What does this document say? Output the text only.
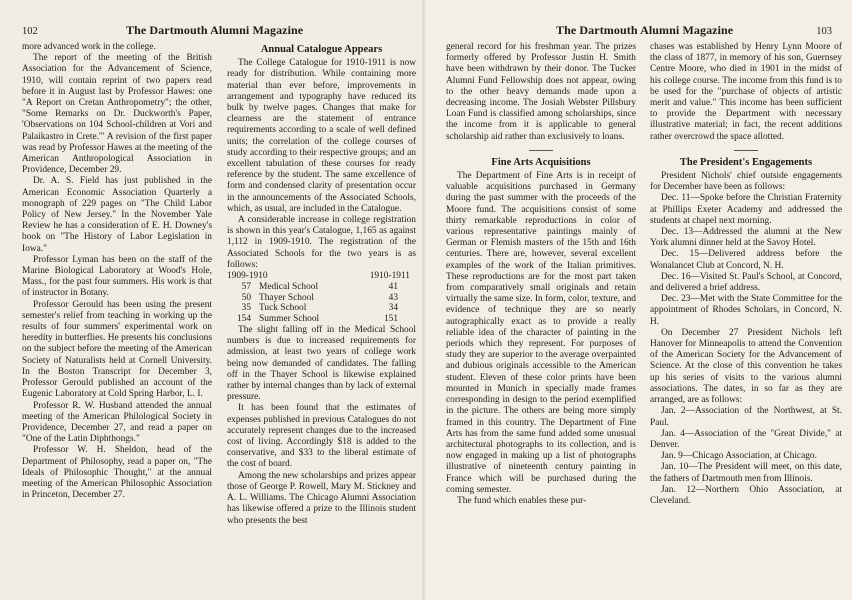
102	The Dartmouth Alumni Magazine

more advanced work in the college.

The report of the meeting of the British Association for the Advancement of Science, 1910, will contain reprint of two papers read before it in August last by Professor Hawes: one "A Report on Cretan Anthropometry"; the other, "Some Remarks on Dr. Duckworth's Paper, 'Observations on 104 School-children at Vori and Palaikastro in Crete.'" A revision of the first paper was read by Professor Hawes at the meeting of the American Anthropological Association in Providence, December 29.

Dr. A. S. Field has just published in the American Economic Association Quarterly a monograph of 229 pages on "The Child Labor Policy of New Jersey." In the November Yale Review he has a consideration of E. H. Downey's book on "The History of Labor Legislation in Iowa."

Professor Lyman has been on the staff of the Marine Biological Laboratory at Wood's Hole, Mass., for the past four summers. His work is that of instructor in Botany.

Professor Gerould has been using the present semester's relief from teaching in working up the results of four summers' experimental work on heredity in butterflies. He presents his conclusions on the subject before the meeting of the American Society of Naturalists held at Cornell University. In the Boston Transcript for December 3, Professor Gerould published an account of the Eugenic Laboratory at Cold Spring Harbor, L. I.

Professor R. W. Husband attended the annual meeting of the American Philological Society in Providence, December 27, and read a paper on "One of the Latin Diphthongs."

Professor W. H. Sheldon, head of the Department of Philosophy, read a paper on, "The Ideals of Philosophic Thought," at the annual meeting of the American Philosophic Association in Princeton, December 27.

Annual Catalogue Appears

The College Catalogue for 1910-1911 is now ready for distribution. While containing more material than ever before, improvements in arrangement and typography have reduced its bulk by twelve pages. Changes that make for clearness are the statement of entrance requirements according to a scale of well defined units; the correlation of the college courses of study according to their respective groups; and an excellent tabulation of these courses for ready reference by the student. The same excellence of form and condensed clarity of presentation occur in the announcements of the Associated Schools, which, as usual, are included in the Catalogue.

A considerable increase in college registration is shown in this year's Catalogue, 1,165 as against 1,112 in 1909-1910. The registration of the Associated Schools for the two years is as follows:

1909-1910		1910-1911
57	Medical School	41
50	Thayer School	43
35	Tuck School	34
154	Summer School	151

The slight falling off in the Medical School numbers is due to increased requirements for admission, at least two years of college work being now demanded of candidates. The falling off in the Thayer School is likewise explained rather by internal changes than by lack of external pressure.

It has been found that the estimates of expenses published in previous Catalogues do not accurately represent changes due to the increased cost of living. Accordingly $18 is added to the conservative, and $33 to the liberal estimate of the cost of board.

Among the new scholarships and prizes appear those of George P. Rowell, Mary M. Stickney and A. L. Williams. The Chicago Alumni Association has likewise offered a prize to the Illinois student who presents the best

The Dartmouth Alumni Magazine	103

general record for his freshman year. The prizes formerly offered by Professor Justin H. Smith have been withdrawn by their donor. The Tucker Alumni Fund Fellowship does not appear, owing to the other heavy demands made upon a decreasing income. The Josiah Webster Pillsbury Loan Fund is classified among scholarships, since the income from it is applicable to general scholarship aid rather than exclusively to loans.

Fine Arts Acquisitions

The Department of Fine Arts is in receipt of valuable acquisitions purchased in Germany during the past summer with the proceeds of the Moore fund. The acquisitions consist of some thirty remarkable reproductions in color of various representative paintings mainly of German or Flemish masters of the 15th and 16th centuries. There are, however, several excellent examples of the work of the Italian primitives. These reproductions are for the most part taken from comparatively small originals and retain virtually the same size. In form, color, texture, and evidence of technique they are so nearly autographically exact as to provide a really reliable idea of the character of painting in the periods which they represent. For purposes of study they are superior to the average overpainted and dubious originals accessible to the American student. Eleven of these color prints have been mounted in Munich in specially made frames corresponding in design to the period exemplified in the picture. The others are being more simply framed in this country. The Department of Fine Arts has from the same fund added some unusual architectural photographs to its collection, and is now engaged in making up a list of photographs illustrative of nineteenth century painting in France which will be purchased during the coming semester.

The fund which enables these pur-

chases was established by Henry Lynn Moore of the class of 1877, in memory of his son, Guernsey Centre Moore, who died in 1901 in the midst of his college course. The income from this fund is to be used for the "purchase of objects of artistic merit and value." This income has been sufficient to provide the Department with necessary illustrative material; in fact, the recent additions rather overcrowd the space allotted.

The President's Engagements

President Nichols' chief outside engagements for December have been as follows:

Dec. 11—Spoke before the Christian Fraternity at Phillips Exeter Academy and addressed the students at chapel next morning.

Dec. 13—Addressed the alumni at the New York alumni dinner held at the Savoy Hotel.

Dec. 15—Delivered address before the Wonalancet Club at Concord, N. H.

Dec. 16—Visited St. Paul's School, at Concord, and delivered a brief address.

Dec. 23—Met with the State Committee for the appointment of Rhodes Scholars, in Concord, N. H.

On December 27 President Nichols left Hanover for Minneapolis to attend the Convention of the American Society for the Advancement of Science. At the close of this convention he takes up his series of visits to the various alumni associations. The dates, in so far as they are arranged, are as follows:

Jan. 2—Association of the Northwest, at St. Paul.

Jan. 4—Association of the "Great Divide," at Denver.

Jan. 9—Chicago Association, at Chicago.

Jan. 10—The President will meet, on this date, the fathers of Dartmouth men from Illinois.

Jan. 12—Northern Ohio Association, at Cleveland.
